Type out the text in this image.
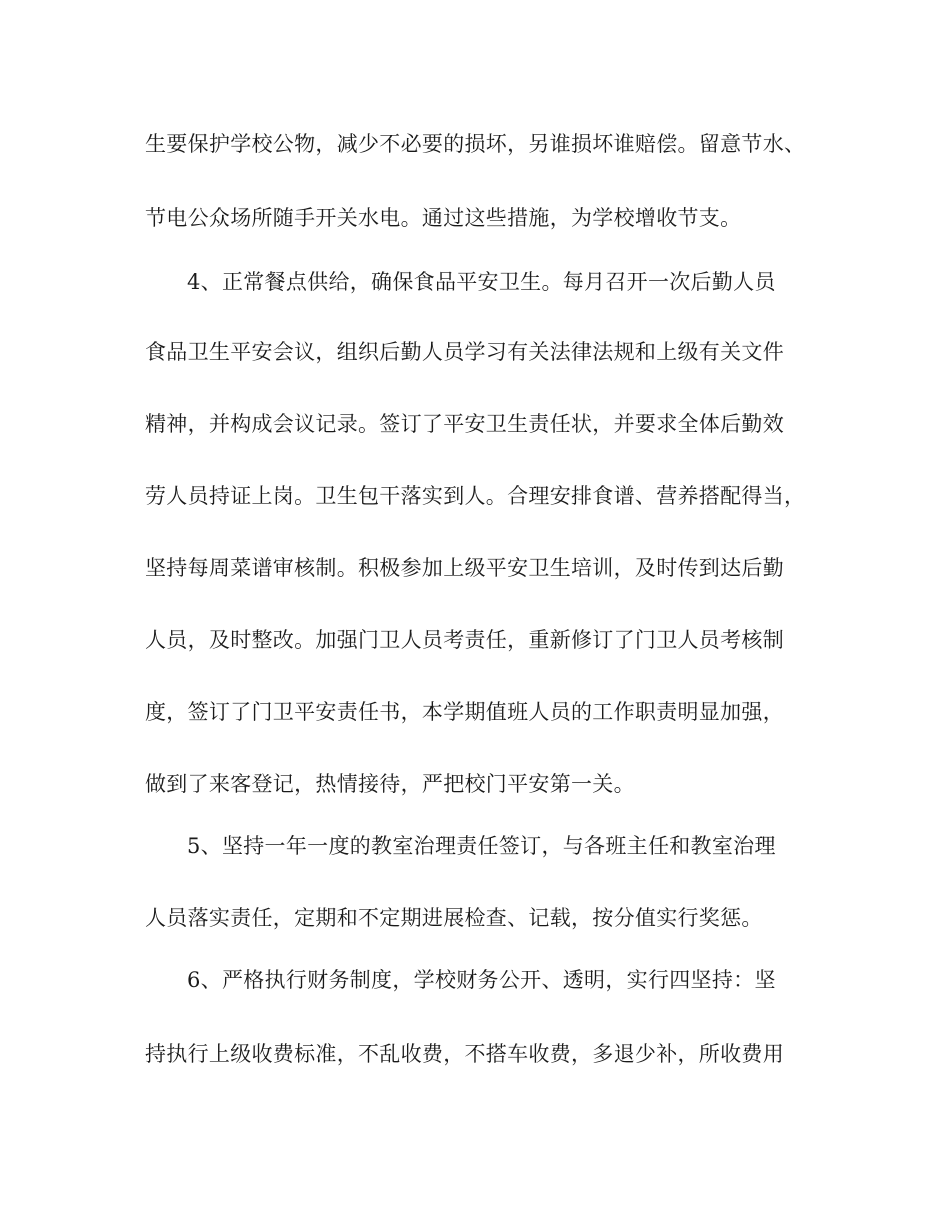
生要保护学校公物，减少不必要的损坏，另谁损坏谁赔偿。留意节水、
节电公众场所随手开关水电。通过这些措施，为学校增收节支。
4、正常餐点供给，确保食品平安卫生。每月召开一次后勤人员
食品卫生平安会议，组织后勤人员学习有关法律法规和上级有关文件
精神，并构成会议记录。签订了平安卫生责任状，并要求全体后勤效
劳人员持证上岗。卫生包干落实到人。合理安排食谱、营养搭配得当，
坚持每周菜谱审核制。积极参加上级平安卫生培训，及时传到达后勤
人员，及时整改。加强门卫人员考责任，重新修订了门卫人员考核制
度，签订了门卫平安责任书，本学期值班人员的工作职责明显加强，
做到了来客登记，热情接待，严把校门平安第一关。
5、坚持一年一度的教室治理责任签订，与各班主任和教室治理
人员落实责任，定期和不定期进展检查、记载，按分值实行奖惩。
6、严格执行财务制度，学校财务公开、透明，实行四坚持：坚
持执行上级收费标准，不乱收费，不搭车收费，多退少补，所收费用
